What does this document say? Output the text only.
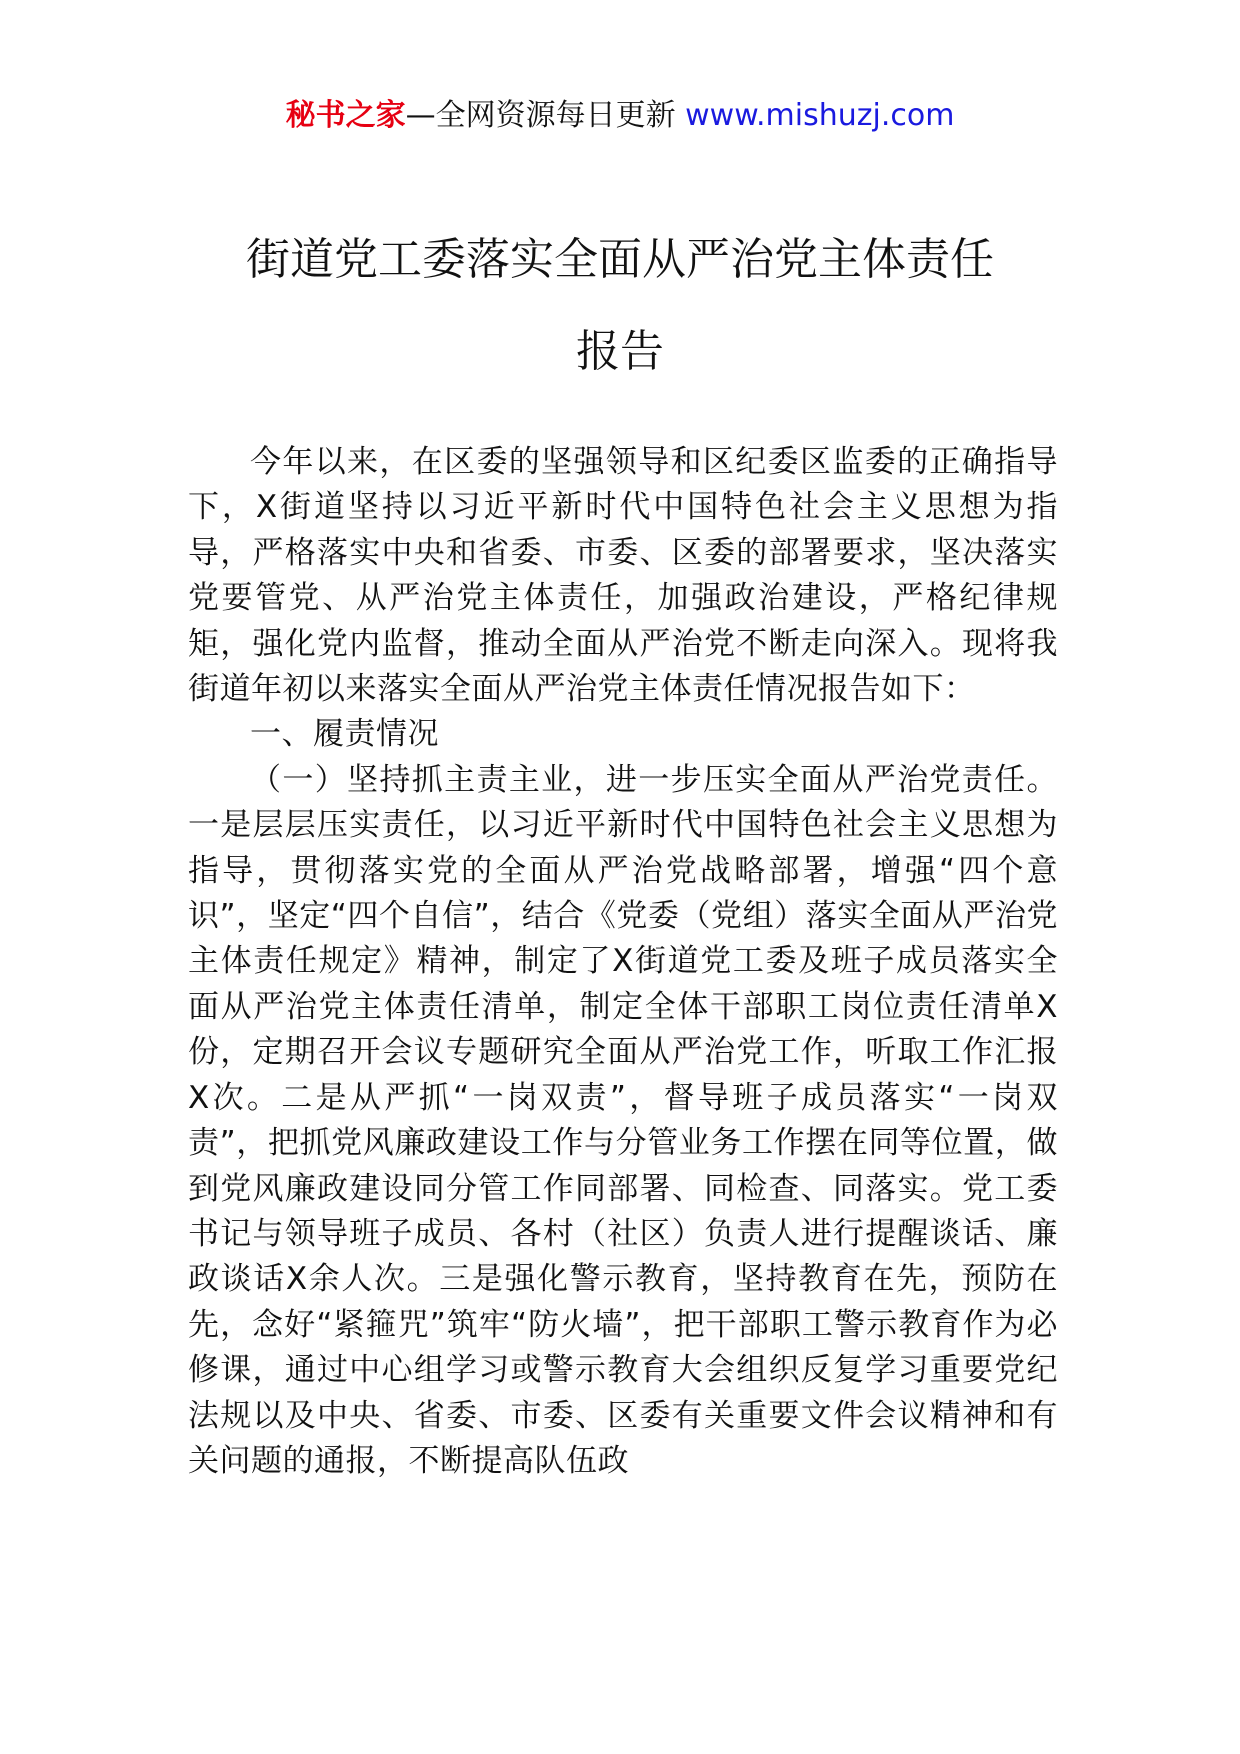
秘书之家—全网资源每日更新 www.mishuzj.com
街道党工委落实全面从严治党主体责任
报告

今年以来，在区委的坚强领导和区纪委区监委的正确指导下，X街道坚持以习近平新时代中国特色社会主义思想为指导，严格落实中央和省委、市委、区委的部署要求，坚决落实党要管党、从严治党主体责任，加强政治建设，严格纪律规矩，强化党内监督，推动全面从严治党不断走向深入。现将我街道年初以来落实全面从严治党主体责任情况报告如下：

一、履责情况

（一）坚持抓主责主业，进一步压实全面从严治党责任。一是层层压实责任，以习近平新时代中国特色社会主义思想为指导，贯彻落实党的全面从严治党战略部署，增强“四个意识”，坚定“四个自信”，结合《党委（党组）落实全面从严治党主体责任规定》精神，制定了X街道党工委及班子成员落实全面从严治党主体责任清单，制定全体干部职工岗位责任清单X份，定期召开会议专题研究全面从严治党工作，听取工作汇报X次。二是从严抓“一岗双责”，督导班子成员落实“一岗双责”，把抓党风廉政建设工作与分管业务工作摆在同等位置，做到党风廉政建设同分管工作同部署、同检查、同落实。党工委书记与领导班子成员、各村（社区）负责人进行提醒谈话、廉政谈话X余人次。三是强化警示教育，坚持教育在先，预防在先，念好“紧箍咒”筑牢“防火墙”，把干部职工警示教育作为必修课，通过中心组学习或警示教育大会组织反复学习重要党纪法规以及中央、省委、市委、区委有关重要文件会议精神和有关问题的通报，不断提高队伍政
